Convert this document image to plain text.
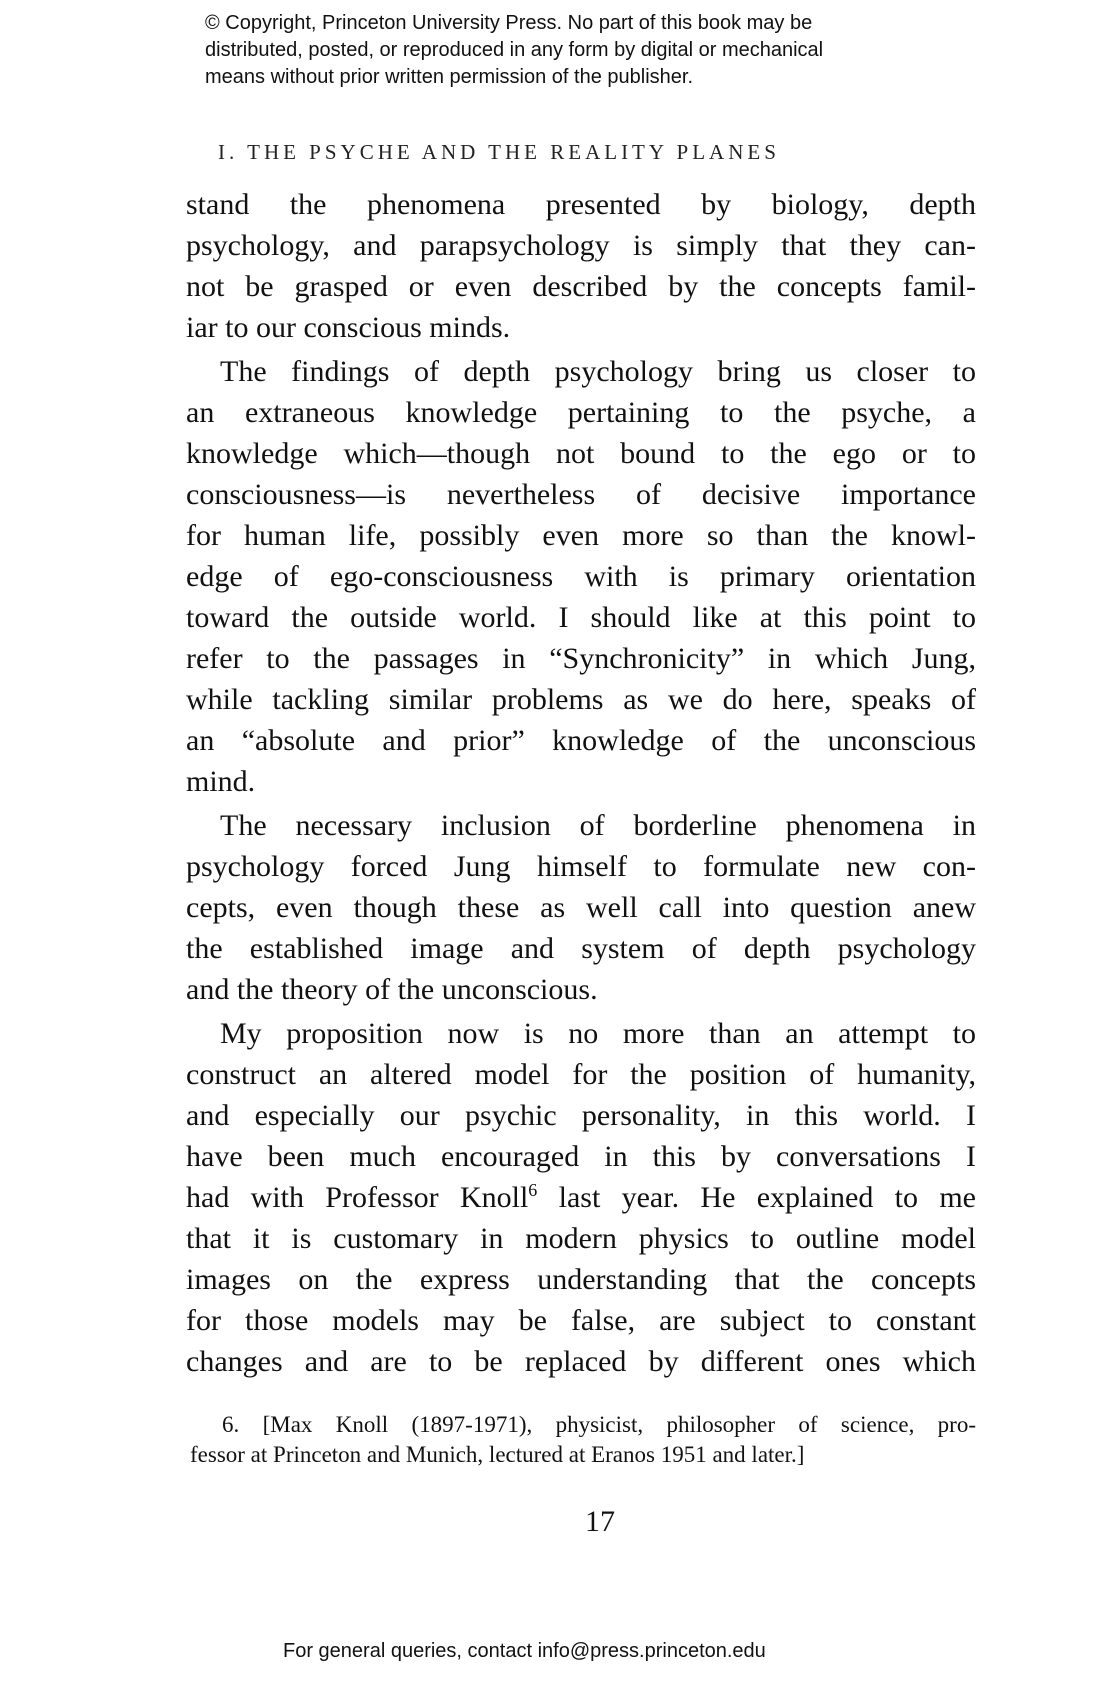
© Copyright, Princeton University Press. No part of this book may be
distributed, posted, or reproduced in any form by digital or mechanical
means without prior written permission of the publisher.
I. THE PSYCHE AND THE REALITY PLANES
stand the phenomena presented by biology, depth
psychology, and parapsychology is simply that they can-
not be grasped or even described by the concepts famil-
iar to our conscious minds.
The findings of depth psychology bring us closer to
an extraneous knowledge pertaining to the psyche, a
knowledge which—though not bound to the ego or to
consciousness—is nevertheless of decisive importance
for human life, possibly even more so than the knowl-
edge of ego-consciousness with is primary orientation
toward the outside world. I should like at this point to
refer to the passages in “Synchronicity” in which Jung,
while tackling similar problems as we do here, speaks of
an “absolute and prior” knowledge of the unconscious
mind.
The necessary inclusion of borderline phenomena in
psychology forced Jung himself to formulate new con-
cepts, even though these as well call into question anew
the established image and system of depth psychology
and the theory of the unconscious.
My proposition now is no more than an attempt to
construct an altered model for the position of humanity,
and especially our psychic personality, in this world. I
have been much encouraged in this by conversations I
had with Professor Knoll$^6$ last year. He explained to me
that it is customary in modern physics to outline model
images on the express understanding that the concepts
for those models may be false, are subject to constant
changes and are to be replaced by different ones which
6. [Max Knoll (1897-1971), physicist, philosopher of science, pro-
fessor at Princeton and Munich, lectured at Eranos 1951 and later.]
17
For general queries, contact info@press.princeton.edu
